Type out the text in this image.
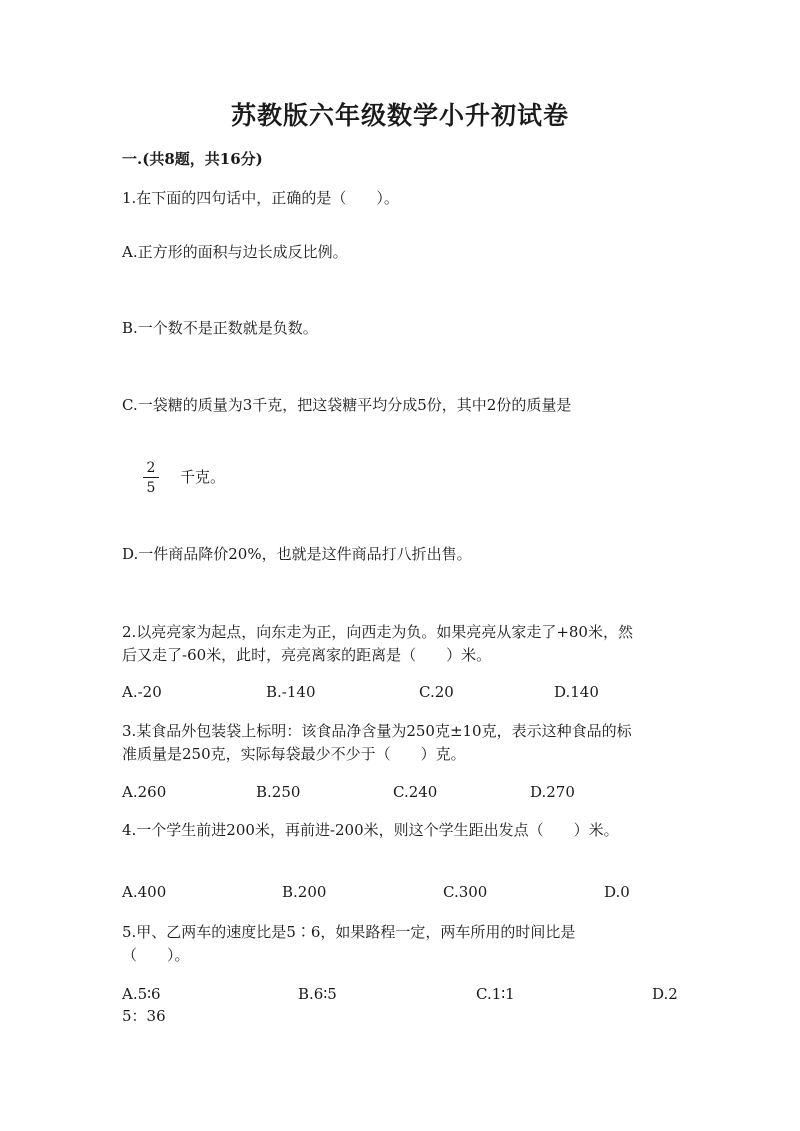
苏教版六年级数学小升初试卷
一.(共8题，共16分)
1.在下面的四句话中，正确的是（　　）。
A.正方形的面积与边长成反比例。
B.一个数不是正数就是负数。
C.一袋糖的质量为3千克，把这袋糖平均分成5份，其中2份的质量是
2
5
千克。
D.一件商品降价20%，也就是这件商品打八折出售。
2.以亮亮家为起点，向东走为正，向西走为负。如果亮亮从家走了+80米，然
后又走了-60米，此时，亮亮离家的距离是（　　）米。
A.-20	B.-140	C.20	D.140
3.某食品外包装袋上标明：该食品净含量为250克±10克，表示这种食品的标
准质量是250克，实际每袋最少不少于（　　）克。
A.260	B.250	C.240	D.270
4.一个学生前进200米，再前进-200米，则这个学生距出发点（　　）米。
A.400	B.200	C.300	D.0
5.甲、乙两车的速度比是5∶6，如果路程一定，两车所用的时间比是
（　　）。
A.5∶6	B.6∶5	C.1∶1	D.2
5：36
